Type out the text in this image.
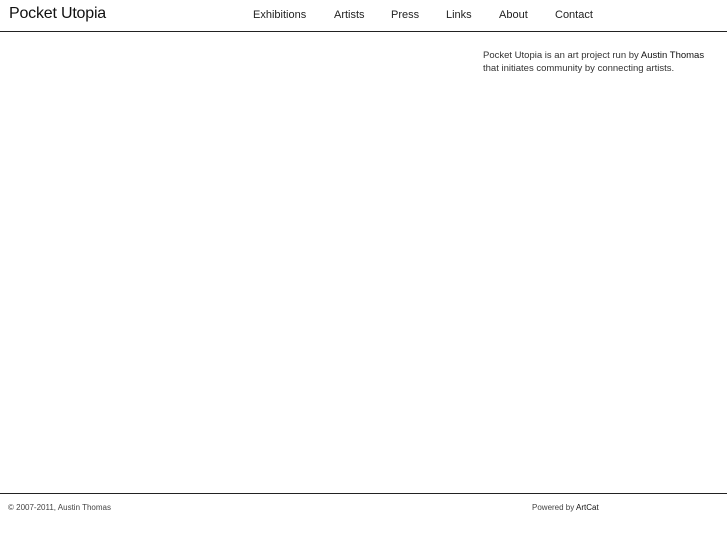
Pocket Utopia	Exhibitions	Artists Press Links About Contact
Pocket Utopia is an art project run by Austin Thomas
that initiates community by connecting artists.
© 2007-2011, Austin Thomas	Powered by ArtCat
